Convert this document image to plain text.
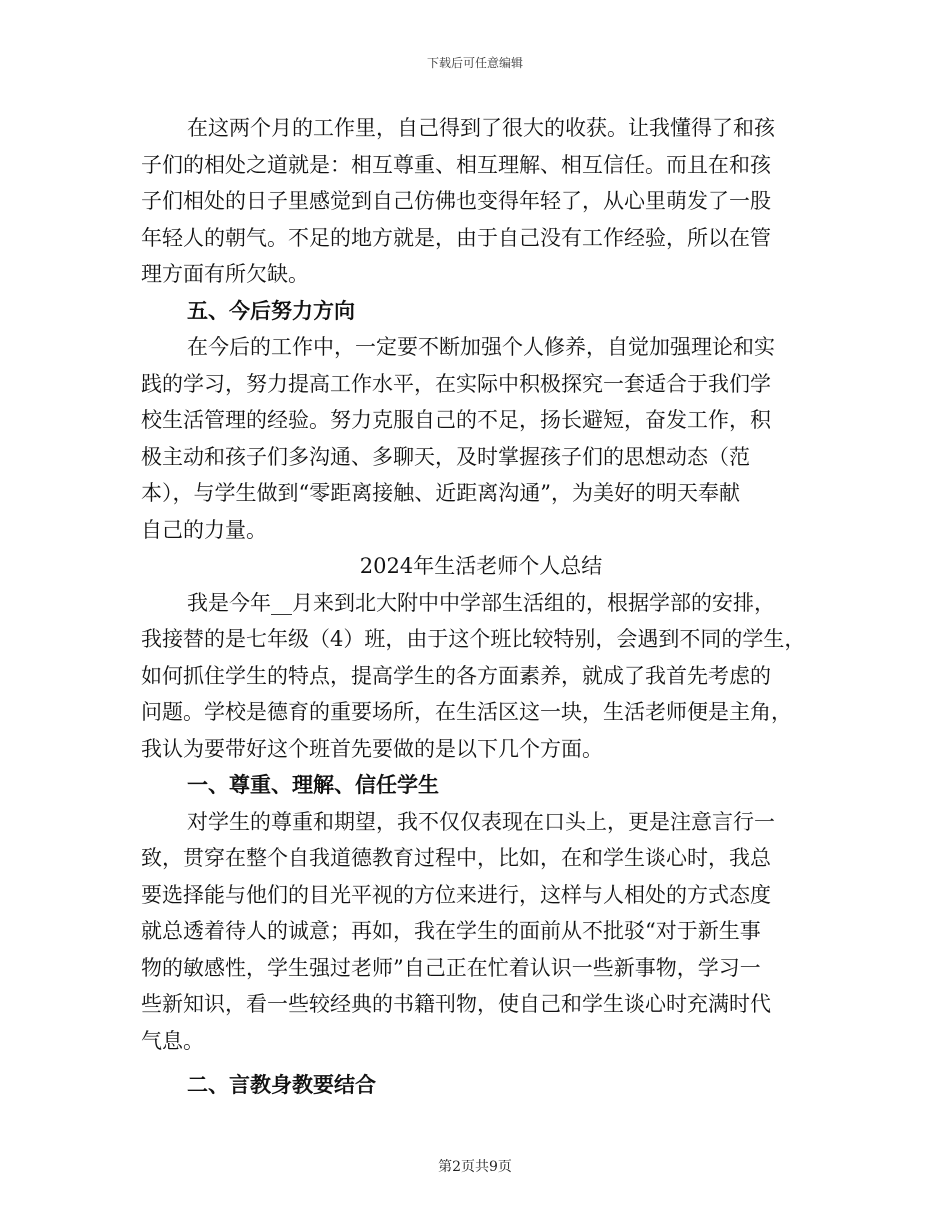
下载后可任意编辑
在这两个月的工作里，自己得到了很大的收获。让我懂得了和孩
子们的相处之道就是：相互尊重、相互理解、相互信任。而且在和孩
子们相处的日子里感觉到自己仿佛也变得年轻了，从心里萌发了一股
年轻人的朝气。不足的地方就是，由于自己没有工作经验，所以在管
理方面有所欠缺。
五、今后努力方向
在今后的工作中，一定要不断加强个人修养，自觉加强理论和实
践的学习，努力提高工作水平，在实际中积极探究一套适合于我们学
校生活管理的经验。努力克服自己的不足，扬长避短，奋发工作，积
极主动和孩子们多沟通、多聊天，及时掌握孩子们的思想动态（范
本），与学生做到“零距离接触、近距离沟通”，为美好的明天奉献
自己的力量。
2024年生活老师个人总结
我是今年__月来到北大附中中学部生活组的，根据学部的安排，
我接替的是七年级（4）班，由于这个班比较特别，会遇到不同的学生，
如何抓住学生的特点，提高学生的各方面素养，就成了我首先考虑的
问题。学校是德育的重要场所，在生活区这一块，生活老师便是主角，
我认为要带好这个班首先要做的是以下几个方面。
一、尊重、理解、信任学生
对学生的尊重和期望，我不仅仅表现在口头上，更是注意言行一
致，贯穿在整个自我道德教育过程中，比如，在和学生谈心时，我总
要选择能与他们的目光平视的方位来进行，这样与人相处的方式态度
就总透着待人的诚意；再如，我在学生的面前从不批驳“对于新生事
物的敏感性，学生强过老师”自己正在忙着认识一些新事物，学习一
些新知识，看一些较经典的书籍刊物，使自己和学生谈心时充满时代
气息。
二、言教身教要结合
第2页共9页
